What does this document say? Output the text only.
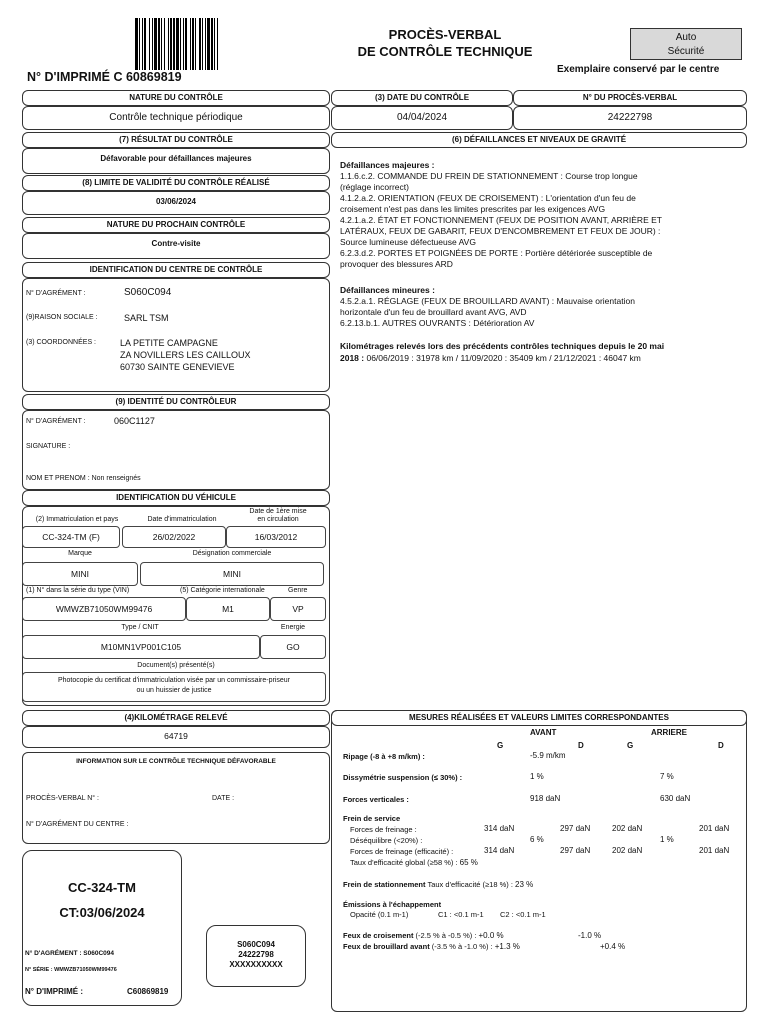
N° D'IMPRIMÉ C 60869819
PROCÈS-VERBAL
DE CONTRÔLE TECHNIQUE
Auto
Sécurité
Exemplaire conservé par le centre
NATURE DU CONTRÔLE
Contrôle technique périodique
(3) DATE DU CONTRÔLE
04/04/2024
N° DU PROCÈS-VERBAL
24222798
(7) RÉSULTAT DU CONTRÔLE
Défavorable pour défaillances majeures
(8) LIMITE DE VALIDITÉ DU CONTRÔLE RÉALISÉ
03/06/2024
NATURE DU PROCHAIN CONTRÔLE
Contre-visite
IDENTIFICATION DU CENTRE DE CONTRÔLE
N° D'AGRÉMENT :	S060C094
(9)RAISON SOCIALE :	SARL TSM
(3) COORDONNÉES :	LA PETITE CAMPAGNE
ZA NOVILLERS LES CAILLOUX
60730 SAINTE GENEVIEVE
(9) IDENTITÉ DU CONTRÔLEUR
N° D'AGRÉMENT :	060C1127
SIGNATURE :
NOM ET PRENOM : Non renseignés
IDENTIFICATION DU VÉHICULE
(2) Immatriculation et pays	Date d'immatriculation
Date de 1ère mise
en circulation
CC-324-TM (F)	26/02/2022	16/03/2012
Marque	Désignation commerciale
MINI	MINI
(1) N° dans la série du type (VIN)	(5) Catégorie internationale	Genre
WMWZB71050WM99476	M1	VP
Type / CNIT	Energie
M10MN1VP001C105	GO
Document(s) présenté(s)
Photocopie du certificat d'immatriculation visée par un commissaire-priseur
ou un huissier de justice
(6) DÉFAILLANCES ET NIVEAUX DE GRAVITÉ
Défaillances majeures :
1.1.6.c.2. COMMANDE DU FREIN DE STATIONNEMENT : Course trop longue
(réglage incorrect)
4.1.2.a.2. ORIENTATION (FEUX DE CROISEMENT) : L'orientation d'un feu de
croisement n'est pas dans les limites prescrites par les exigences AVG
4.2.1.a.2. ÉTAT ET FONCTIONNEMENT (FEUX DE POSITION AVANT, ARRIÈRE ET
LATÉRAUX, FEUX DE GABARIT, FEUX D'ENCOMBREMENT ET FEUX DE JOUR) :
Source lumineuse défectueuse AVG
6.2.3.d.2. PORTES ET POIGNÉES DE PORTE : Portière détériorée susceptible de
provoquer des blessures ARD
Défaillances mineures :
4.5.2.a.1. RÉGLAGE (FEUX DE BROUILLARD AVANT) : Mauvaise orientation
horizontale d'un feu de brouillard avant AVG, AVD
6.2.13.b.1. AUTRES OUVRANTS : Détérioration AV
Kilométrages relevés lors des précédents contrôles techniques depuis le 20 mai
2018 : 06/06/2019 : 31978 km / 11/09/2020 : 35409 km / 21/12/2021 : 46047 km
(4)KILOMÉTRAGE RELEVÉ
64719
INFORMATION SUR LE CONTRÔLE TECHNIQUE DÉFAVORABLE
PROCÈS-VERBAL N° :	DATE :
N° D'AGRÉMENT DU CENTRE :
CC-324-TM
CT:03/06/2024
N° D'AGRÉMENT : S060C094
N° SÉRIE : WMWZB71050WM99476
N° D'IMPRIMÉ :	C60869819
S060C094
24222798
XXXXXXXXXX
MESURES RÉALISÉES ET VALEURS LIMITES CORRESPONDANTES
AVANT	ARRIERE
G	D	G	D
Ripage (-8 à +8 m/km) :	-5.9 m/km
Dissymétrie suspension (≤ 30%) :	1 %	7 %
Forces verticales :	918 daN	630 daN
Frein de service
Forces de freinage :	314 daN	297 daN	202 daN	201 daN
Déséquilibre (<20%) :	6 %	1 %
Forces de freinage (efficacité) :	314 daN	297 daN	202 daN	201 daN
Taux d'efficacité global (≥58 %) : 65 %
Frein de stationnement Taux d'efficacité (≥18 %) : 23 %
Émissions à l'échappement
Opacité (0.1 m-1)	C1 : <0.1 m-1 C2 : <0.1 m-1
Feux de croisement (-2.5 % à -0.5 %) : +0.0 %	-1.0 %
Feux de brouillard avant (-3.5 % à -1.0 %) : +1.3 %	+0.4 %
